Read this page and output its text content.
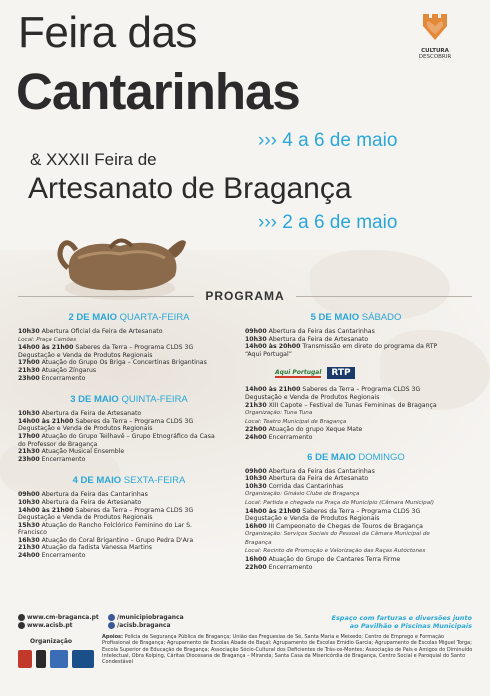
Feira das
Cantarinhas
››› 4 a 6 de maio
& XXXII Feira de
Artesanato de Bragança
››› 2 a 6 de maio
CULTURA
DESCOBRIR
PROGRAMA
2 DE MAIO QUARTA-FEIRA
10h30 Abertura Oficial da Feira de Artesanato
Local: Praça Camões
14h00 às 21h00 Saberes da Terra – Programa CLDS 3G
Degustação e Venda de Produtos Regionais
17h00 Atuação do Grupo Os Briga – Concertinas Brigantinas
21h30 Atuação Zíngarus
23h00 Encerramento
3 DE MAIO QUINTA-FEIRA
10h30 Abertura da Feira de Artesanato
14h00 às 21h00 Saberes da Terra – Programa CLDS 3G
Degustação e Venda de Produtos Regionais
17h00 Atuação do Grupo Teilhavê – Grupo Etnográfico da Casa
do Professor de Bragança
21h30 Atuação Musical Ensemble
23h00 Encerramento
4 DE MAIO SEXTA-FEIRA
09h00 Abertura da Feira das Cantarinhas
10h30 Abertura da Feira de Artesanato
14h00 às 21h00 Saberes da Terra – Programa CLDS 3G
Degustação e Venda de Produtos Regionais
15h30 Atuação do Rancho Folclórico Feminino do Lar S.
Francisco
16h30 Atuação do Coral Brigantino – Grupo Pedra D'Ara
21h30 Atuação da fadista Vanessa Martins
24h00 Encerramento
5 DE MAIO SÁBADO
09h00 Abertura da Feira das Cantarinhas
10h30 Abertura da Feira de Artesanato
14h00 às 20h00 Transmissão em direto do programa da RTP
“Aqui Portugal”
Aqui Portugal	RTP
14h00 às 21h00 Saberes da Terra – Programa CLDS 3G
Degustação e Venda de Produtos Regionais
21h30 XIII Capote – Festival de Tunas Femininas de Bragança
Organização: Tuna Tuna
Local: Teatro Municipal de Bragança
22h00 Atuação do grupo Xeque Mate
24h00 Encerramento
6 DE MAIO DOMINGO
09h00 Abertura da Feira das Cantarinhas
10h30 Abertura da Feira de Artesanato
10h30 Corrida das Cantarinhas
Organização: Ginásio Clube de Bragança
Local: Partida e chegada na Praça do Município (Câmara Municipal)
14h00 às 21h00 Saberes da Terra – Programa CLDS 3G
Degustação e Venda de Produtos Regionais
16h00 III Campeonato de Chegas de Touros de Bragança
Organização: Serviços Sociais do Pessoal da Câmara Municipal de
Bragança
Local: Recinto de Promoção e Valorização das Raças Autóctones
16h00 Atuação do Grupo de Cantares Terra Firme
22h00 Encerramento
www.cm-braganca.pt
www.acisb.pt
/municipiobraganca
/acisb.braganca
Organização
Espaço com farturas e diversões junto
ao Pavilhão e Piscinas Municipais
Apoios: Polícia de Segurança Pública de Bragança; União das Freguesias de Sé, Santa Maria e Meixedo; Centro de Emprego e Formação Profissional de Bragança; Agrupamento de Escolas Abade de Baçal; Agrupamento de Escolas Emídio Garcia; Agrupamento de Escolas Miguel Torga; Escola Superior de Educação de Bragança; Associação Sócio-Cultural dos Deficientes de Trás-os-Montes; Associação de Pais e Amigos do Diminuído Intelectual, Obra Kolping, Cáritas Diocesana de Bragança – Miranda; Santa Casa da Misericórdia de Bragança, Centro Social e Paroquial do Santo Condestável
